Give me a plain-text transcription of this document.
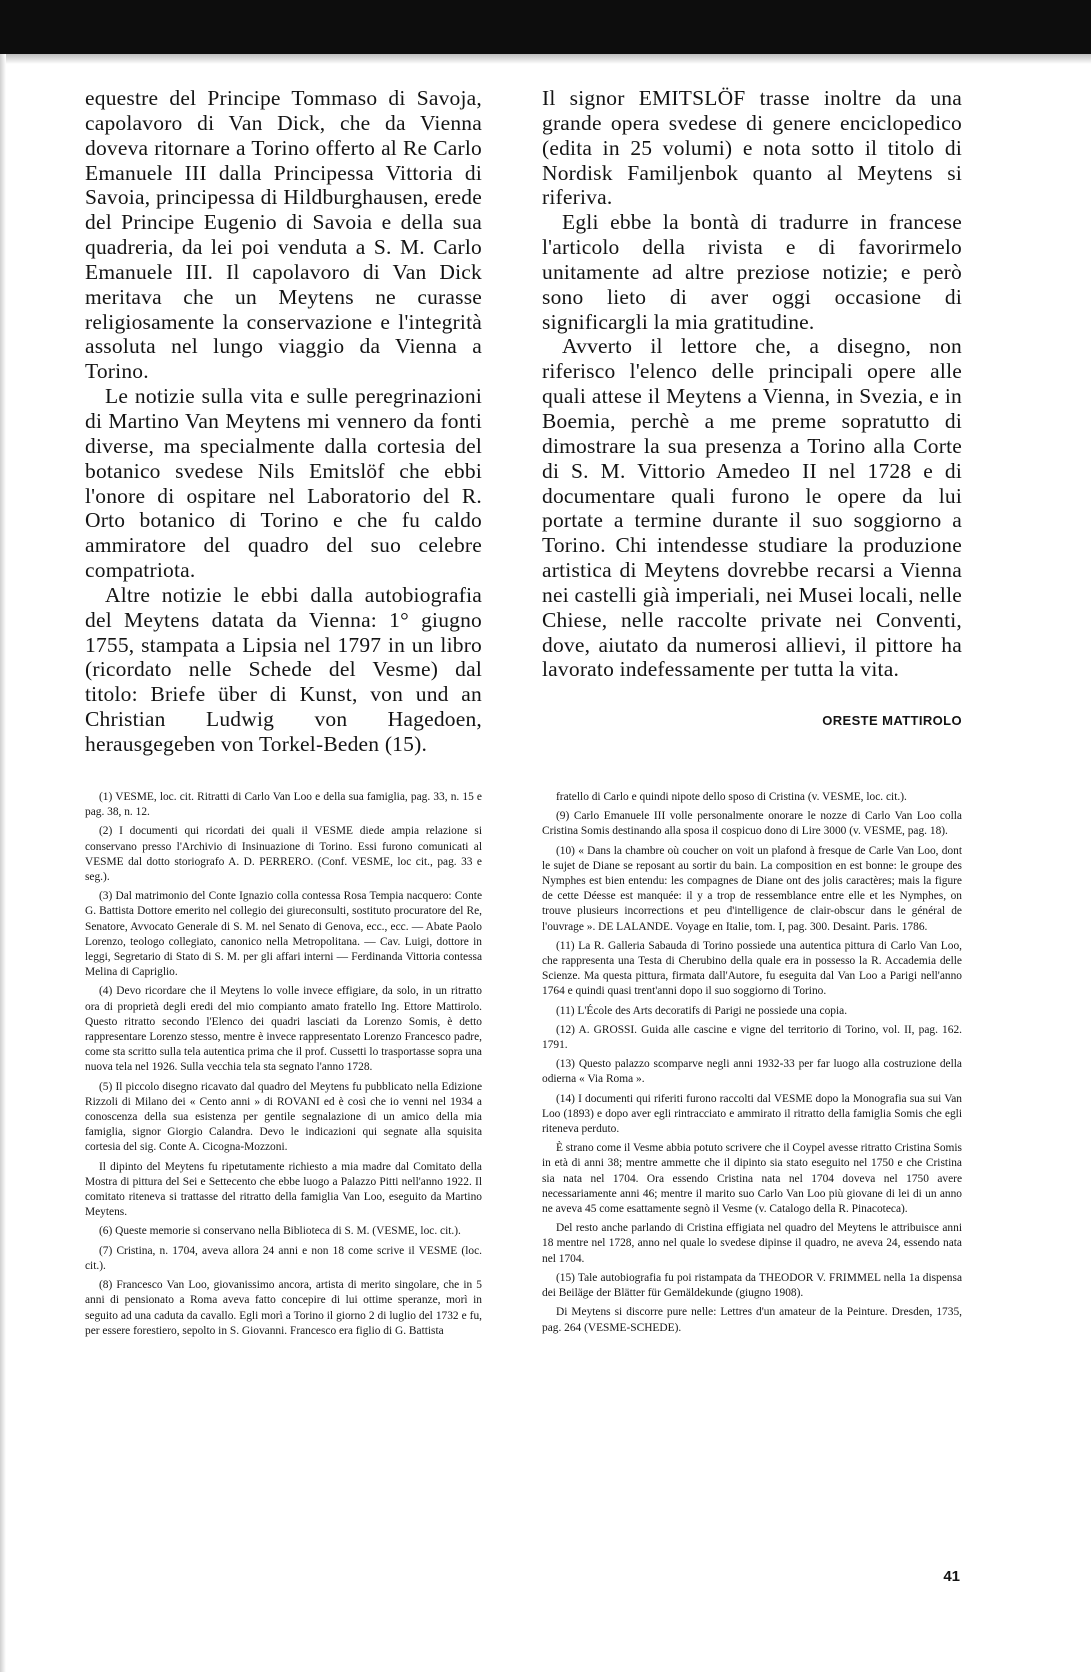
equestre del Principe Tommaso di Savoja, capolavoro di Van Dick, che da Vienna doveva ritornare a Torino offerto al Re Carlo Emanuele III dalla Principessa Vittoria di Savoia, principessa di Hildburghausen, erede del Principe Eugenio di Savoia e della sua quadreria, da lei poi venduta a S. M. Carlo Emanuele III. Il capolavoro di Van Dick meritava che un Meytens ne curasse religiosamente la conservazione e l'integrità assoluta nel lungo viaggio da Vienna a Torino.

Le notizie sulla vita e sulle peregrinazioni di Martino Van Meytens mi vennero da fonti diverse, ma specialmente dalla cortesia del botanico svedese Nils Emitslöf che ebbi l'onore di ospitare nel Laboratorio del R. Orto botanico di Torino e che fu caldo ammiratore del quadro del suo celebre compatriota.

Altre notizie le ebbi dalla autobiografia del Meytens datata da Vienna: 1° giugno 1755, stampata a Lipsia nel 1797 in un libro (ricordato nelle Schede del Vesme) dal titolo: Briefe über di Kunst, von und an Christian Ludwig von Hagedoen, herausgegeben von Torkel-Beden (15).

Il signor EMITSLÖF trasse inoltre da una grande opera svedese di genere enciclopedico (edita in 25 volumi) e nota sotto il titolo di Nordisk Familjenbok quanto al Meytens si riferiva.

Egli ebbe la bontà di tradurre in francese l'articolo della rivista e di favorirmelo unitamente ad altre preziose notizie; e però sono lieto di aver oggi occasione di significargli la mia gratitudine.

Avverto il lettore che, a disegno, non riferisco l'elenco delle principali opere alle quali attese il Meytens a Vienna, in Svezia, e in Boemia, perchè a me preme sopratutto di dimostrare la sua presenza a Torino alla Corte di S. M. Vittorio Amedeo II nel 1728 e di documentare quali furono le opere da lui portate a termine durante il suo soggiorno a Torino. Chi intendesse studiare la produzione artistica di Meytens dovrebbe recarsi a Vienna nei castelli già imperiali, nei Musei locali, nelle Chiese, nelle raccolte private nei Conventi, dove, aiutato da numerosi allievi, il pittore ha lavorato indefessamente per tutta la vita.

ORESTE MATTIROLO

(1) VESME, loc. cit. Ritratti di Carlo Van Loo e della sua famiglia, pag. 33, n. 15 e pag. 38, n. 12.

(2) I documenti qui ricordati dei quali il VESME diede ampia relazione si conservano presso l'Archivio di Insinuazione di Torino. Essi furono comunicati al VESME dal dotto storiografo A. D. PERRERO. (Conf. VESME, loc cit., pag. 33 e seg.).

(3) Dal matrimonio del Conte Ignazio colla contessa Rosa Tempia nacquero: Conte G. Battista Dottore emerito nel collegio dei giureconsulti, sostituto procuratore del Re, Senatore, Avvocato Generale di S. M. nel Senato di Genova, ecc., ecc. — Abate Paolo Lorenzo, teologo collegiato, canonico nella Metropolitana. — Cav. Luigi, dottore in leggi, Segretario di Stato di S. M. per gli affari interni — Ferdinanda Vittoria contessa Melina di Capriglio.

(4) Devo ricordare che il Meytens lo volle invece effigiare, da solo, in un ritratto ora di proprietà degli eredi del mio compianto amato fratello Ing. Ettore Mattirolo. Questo ritratto secondo l'Elenco dei quadri lasciati da Lorenzo Somis, è detto rappresentare Lorenzo stesso, mentre è invece rappresentato Lorenzo Francesco padre, come sta scritto sulla tela autentica prima che il prof. Cussetti lo trasportasse sopra una nuova tela nel 1926. Sulla vecchia tela sta segnato l'anno 1728.

(5) Il piccolo disegno ricavato dal quadro del Meytens fu pubblicato nella Edizione Rizzoli di Milano dei « Cento anni » di ROVANI ed è così che io venni nel 1934 a conoscenza della sua esistenza per gentile segnalazione di un amico della mia famiglia, signor Giorgio Calandra. Devo le indicazioni qui segnate alla squisita cortesia del sig. Conte A. Cicogna-Mozzoni.

Il dipinto del Meytens fu ripetutamente richiesto a mia madre dal Comitato della Mostra di pittura del Sei e Settecento che ebbe luogo a Palazzo Pitti nell'anno 1922. Il comitato riteneva si trattasse del ritratto della famiglia Van Loo, eseguito da Martino Meytens.

(6) Queste memorie si conservano nella Biblioteca di S. M. (VESME, loc. cit.).

(7) Cristina, n. 1704, aveva allora 24 anni e non 18 come scrive il VESME (loc. cit.).

(8) Francesco Van Loo, giovanissimo ancora, artista di merito singolare, che in 5 anni di pensionato a Roma aveva fatto concepire di lui ottime speranze, morì in seguito ad una caduta da cavallo. Egli morì a Torino il giorno 2 di luglio del 1732 e fu, per essere forestiero, sepolto in S. Giovanni. Francesco era figlio di G. Battista

fratello di Carlo e quindi nipote dello sposo di Cristina (v. VESME, loc. cit.).

(9) Carlo Emanuele III volle personalmente onorare le nozze di Carlo Van Loo colla Cristina Somis destinando alla sposa il cospicuo dono di Lire 3000 (v. VESME, pag. 18).

(10) « Dans la chambre où coucher on voit un plafond à fresque de Carle Van Loo, dont le sujet de Diane se reposant au sortir du bain. La composition en est bonne: le groupe des Nymphes est bien entendu: les compagnes de Diane ont des jolis caractères; mais la figure de cette Déesse est manquée: il y a trop de ressemblance entre elle et les Nymphes, on trouve plusieurs incorrections et peu d'intelligence de clair-obscur dans le général de l'ouvrage ». DE LALANDE. Voyage en Italie, tom. I, pag. 300. Desaint. Paris. 1786.

(11) La R. Galleria Sabauda di Torino possiede una autentica pittura di Carlo Van Loo, che rappresenta una Testa di Cherubino della quale era in possesso la R. Accademia delle Scienze. Ma questa pittura, firmata dall'Autore, fu eseguita dal Van Loo a Parigi nell'anno 1764 e quindi quasi trent'anni dopo il suo soggiorno di Torino.

(11) L'École des Arts decoratifs di Parigi ne possiede una copia.

(12) A. GROSSI. Guida alle cascine e vigne del territorio di Torino, vol. II, pag. 162. 1791.

(13) Questo palazzo scomparve negli anni 1932-33 per far luogo alla costruzione della odierna « Via Roma ».

(14) I documenti qui riferiti furono raccolti dal VESME dopo la Monografia sua sui Van Loo (1893) e dopo aver egli rintracciato e ammirato il ritratto della famiglia Somis che egli riteneva perduto.

È strano come il Vesme abbia potuto scrivere che il Coypel avesse ritratto Cristina Somis in età di anni 38; mentre ammette che il dipinto sia stato eseguito nel 1750 e che Cristina sia nata nel 1704. Ora essendo Cristina nata nel 1704 doveva nel 1750 avere necessariamente anni 46; mentre il marito suo Carlo Van Loo più giovane di lei di un anno ne aveva 45 come esattamente segnò il Vesme (v. Catalogo della R. Pinacoteca).

Del resto anche parlando di Cristina effigiata nel quadro del Meytens le attribuisce anni 18 mentre nel 1728, anno nel quale lo svedese dipinse il quadro, ne aveva 24, essendo nata nel 1704.

(15) Tale autobiografia fu poi ristampata da THEODOR V. FRIMMEL nella 1a dispensa dei Beiläge der Blätter für Gemäldekunde (giugno 1908).

Di Meytens si discorre pure nelle: Lettres d'un amateur de la Peinture. Dresden, 1735, pag. 264 (VESME-SCHEDE).

41
